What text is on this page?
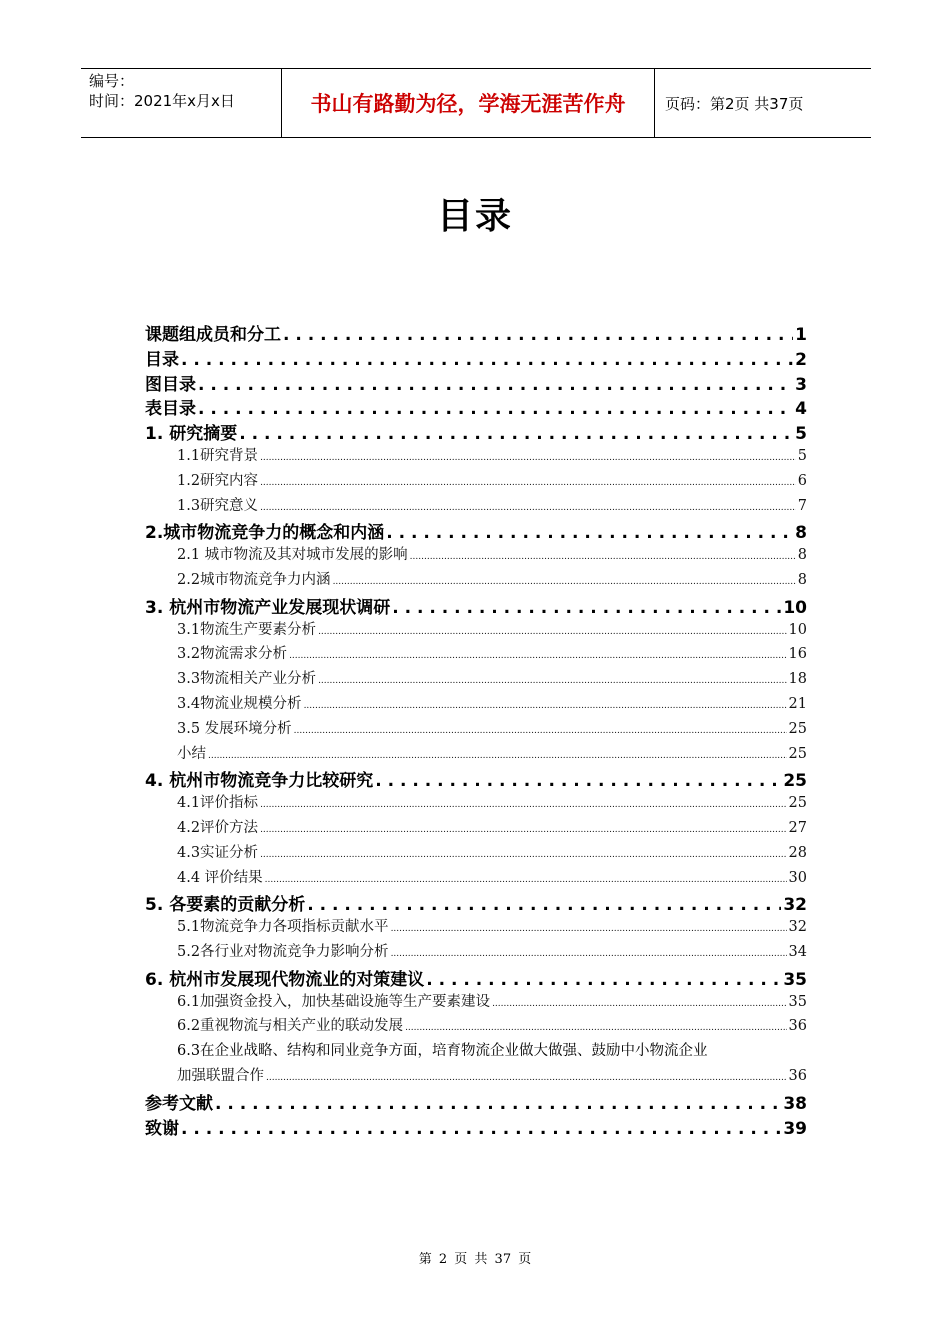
编号：
时间：2021年x月x日	书山有路勤为径，学海无涯苦作舟	页码：第2页 共37页
目录
课题组成员和分工 . . .	1
目录 . . .	2
图目录 . . .	3
表目录 . . .	4
1. 研究摘要 . . .	5
1.1研究背景 .....	5
1.2研究内容 .....	6
1.3研究意义 .....	7
2.城市物流竞争力的概念和内涵 . . .	8
2.1 城市物流及其对城市发展的影响 .....	8
2.2城市物流竞争力内涵 .....	8
3. 杭州市物流产业发展现状调研 . . .	10
3.1物流生产要素分析 .....	10
3.2物流需求分析 .....	16
3.3物流相关产业分析 .....	18
3.4物流业规模分析 .....	21
3.5 发展环境分析 .....	25
小结 .....	25
4. 杭州市物流竞争力比较研究 . . .	25
4.1评价指标 .....	25
4.2评价方法 .....	27
4.3实证分析 .....	28
4.4 评价结果 .....	30
5. 各要素的贡献分析 . . .	32
5.1物流竞争力各项指标贡献水平 .....	32
5.2各行业对物流竞争力影响分析 .....	34
6. 杭州市发展现代物流业的对策建议 . . .	35
6.1加强资金投入，加快基础设施等生产要素建设 .....	35
6.2重视物流与相关产业的联动发展 .....	36
6.3在企业战略、结构和同业竞争方面，培育物流企业做大做强、鼓励中小物流企业
加强联盟合作 .....	36
参考文献 . . .	38
致谢 . . .	39
第 2 页 共 37 页
